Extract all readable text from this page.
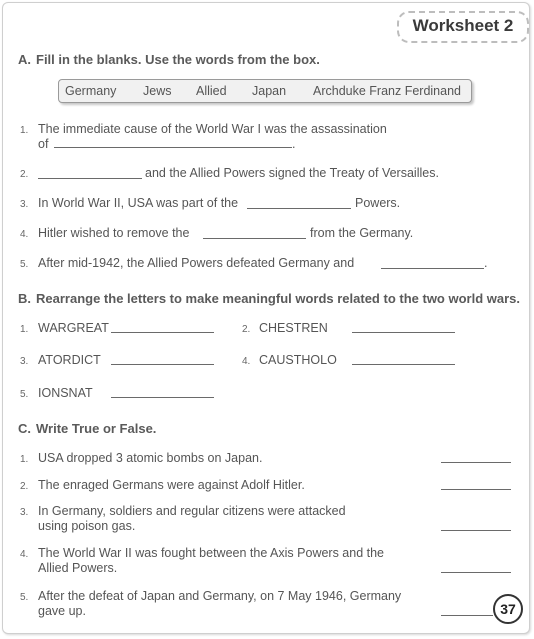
Worksheet 2
A. Fill in the blanks. Use the words from the box.
Germany Jews Allied Japan Archduke Franz Ferdinand
1. The immediate cause of the World War I was the assassination
of	.
2.	and the Allied Powers signed the Treaty of Versailles.
3. In World War II, USA was part of the	Powers.
4. Hitler wished to remove the	from the Germany.
5. After mid-1942, the Allied Powers defeated Germany and	.
B. Rearrange the letters to make meaningful words related to the two world wars.
1. WARGREAT	2. CHESTREN
3. ATORDICT	4. CAUSTHOLO
5. IONSNAT
C. Write True or False.
1. USA dropped 3 atomic bombs on Japan.
2. The enraged Germans were against Adolf Hitler.
3. In Germany, soldiers and regular citizens were attacked
using poison gas.
4. The World War II was fought between the Axis Powers and the
Allied Powers.
5. After the defeat of Japan and Germany, on 7 May 1946, Germany
gave up.	37
